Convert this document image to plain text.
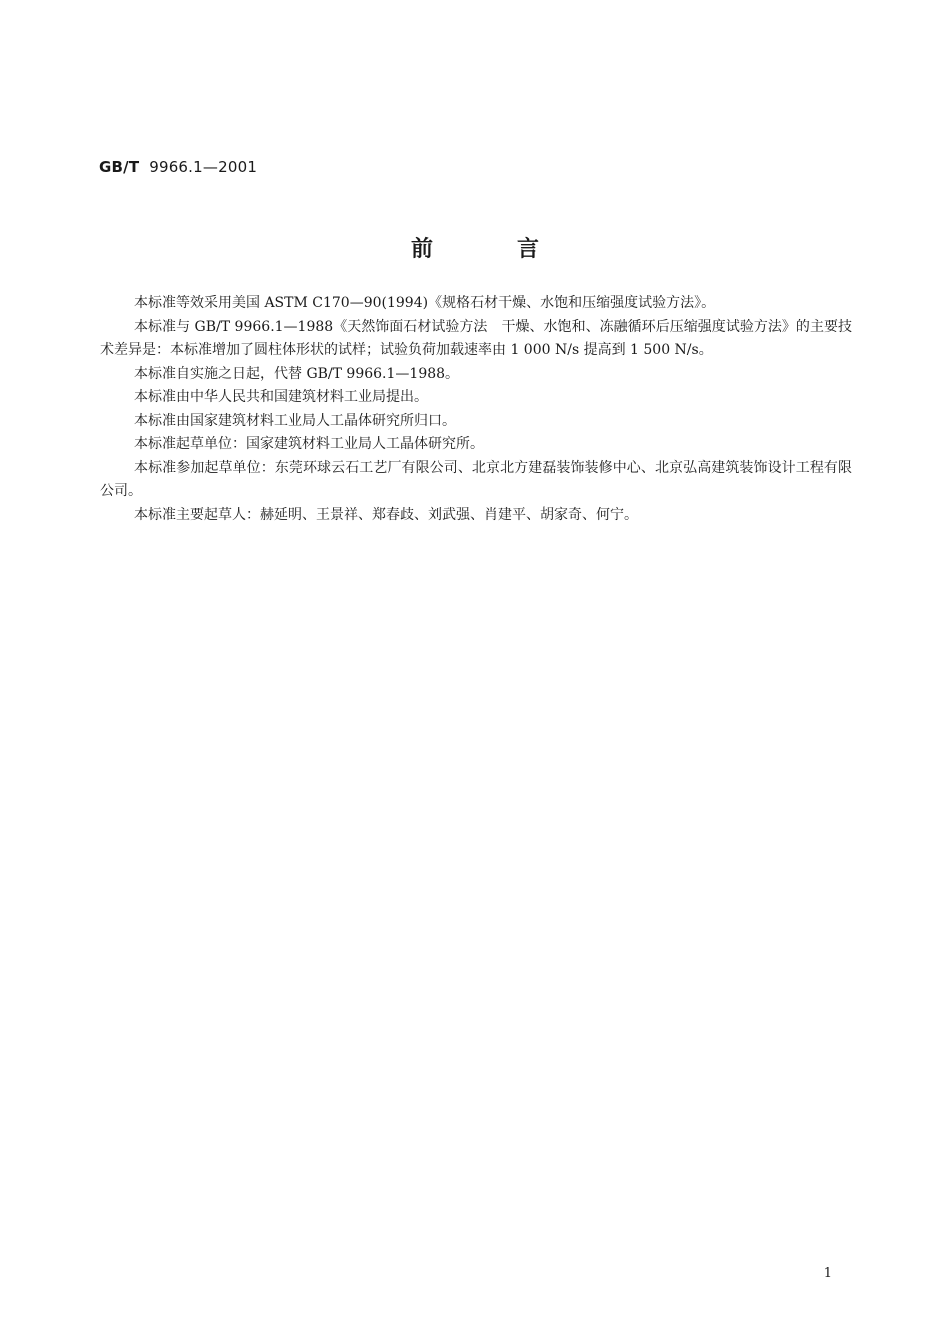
GB/T 9966.1—2001
前言

本标准等效采用美国 ASTM C170—90(1994)《规格石材干燥、水饱和压缩强度试验方法》。

本标准与 GB/T 9966.1—1988《天然饰面石材试验方法　干燥、水饱和、冻融循环后压缩强度试验方法》的主要技术差异是：本标准增加了圆柱体形状的试样；试验负荷加载速率由 1 000 N/s 提高到 1 500 N/s。

本标准自实施之日起，代替 GB/T 9966.1—1988。

本标准由中华人民共和国建筑材料工业局提出。

本标准由国家建筑材料工业局人工晶体研究所归口。

本标准起草单位：国家建筑材料工业局人工晶体研究所。

本标准参加起草单位：东莞环球云石工艺厂有限公司、北京北方建磊装饰装修中心、北京弘高建筑装饰设计工程有限公司。

本标准主要起草人：赫延明、王景祥、郑春歧、刘武强、肖建平、胡家奇、何宁。

1
